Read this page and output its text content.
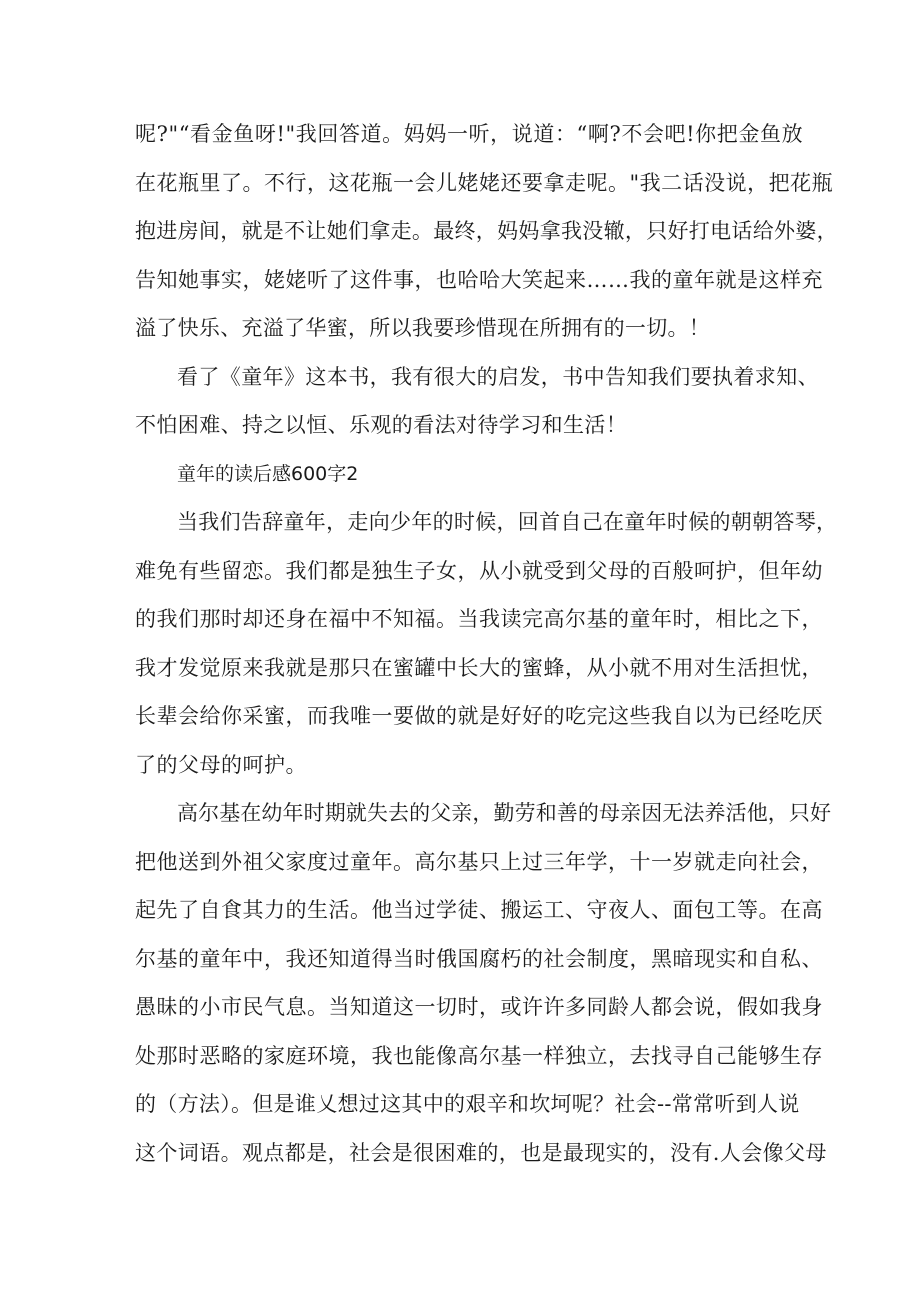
呢?"“看金鱼呀!"我回答道。妈妈一听，说道：“啊?不会吧!你把金鱼放
在花瓶里了。不行，这花瓶一会儿姥姥还要拿走呢。"我二话没说，把花瓶
抱进房间，就是不让她们拿走。最终，妈妈拿我没辙，只好打电话给外婆，
告知她事实，姥姥听了这件事，也哈哈大笑起来……我的童年就是这样充
溢了快乐、充溢了华蜜，所以我要珍惜现在所拥有的一切。！
看了《童年》这本书，我有很大的启发，书中告知我们要执着求知、
不怕困难、持之以恒、乐观的看法对待学习和生活！
童年的读后感600字2
当我们告辞童年，走向少年的时候，回首自己在童年时候的朝朝答琴，
难免有些留恋。我们都是独生子女，从小就受到父母的百般呵护，但年幼
的我们那时却还身在福中不知福。当我读完高尔基的童年时，相比之下，
我才发觉原来我就是那只在蜜罐中长大的蜜蜂，从小就不用对生活担忧，
长辈会给你采蜜，而我唯一要做的就是好好的吃完这些我自以为已经吃厌
了的父母的呵护。
高尔基在幼年时期就失去的父亲，勤劳和善的母亲因无法养活他，只好
把他送到外祖父家度过童年。高尔基只上过三年学，十一岁就走向社会，
起先了自食其力的生活。他当过学徒、搬运工、守夜人、面包工等。在高
尔基的童年中，我还知道得当时俄国腐朽的社会制度，黑暗现实和自私、
愚昧的小市民气息。当知道这一切时，或许许多同龄人都会说，假如我身
处那时恶略的家庭环境，我也能像高尔基一样独立，去找寻自己能够生存
的（方法）。但是谁乂想过这其中的艰辛和坎坷呢？社会--常常听到人说
这个词语。观点都是，社会是很困难的，也是最现实的，没有.人会像父母
